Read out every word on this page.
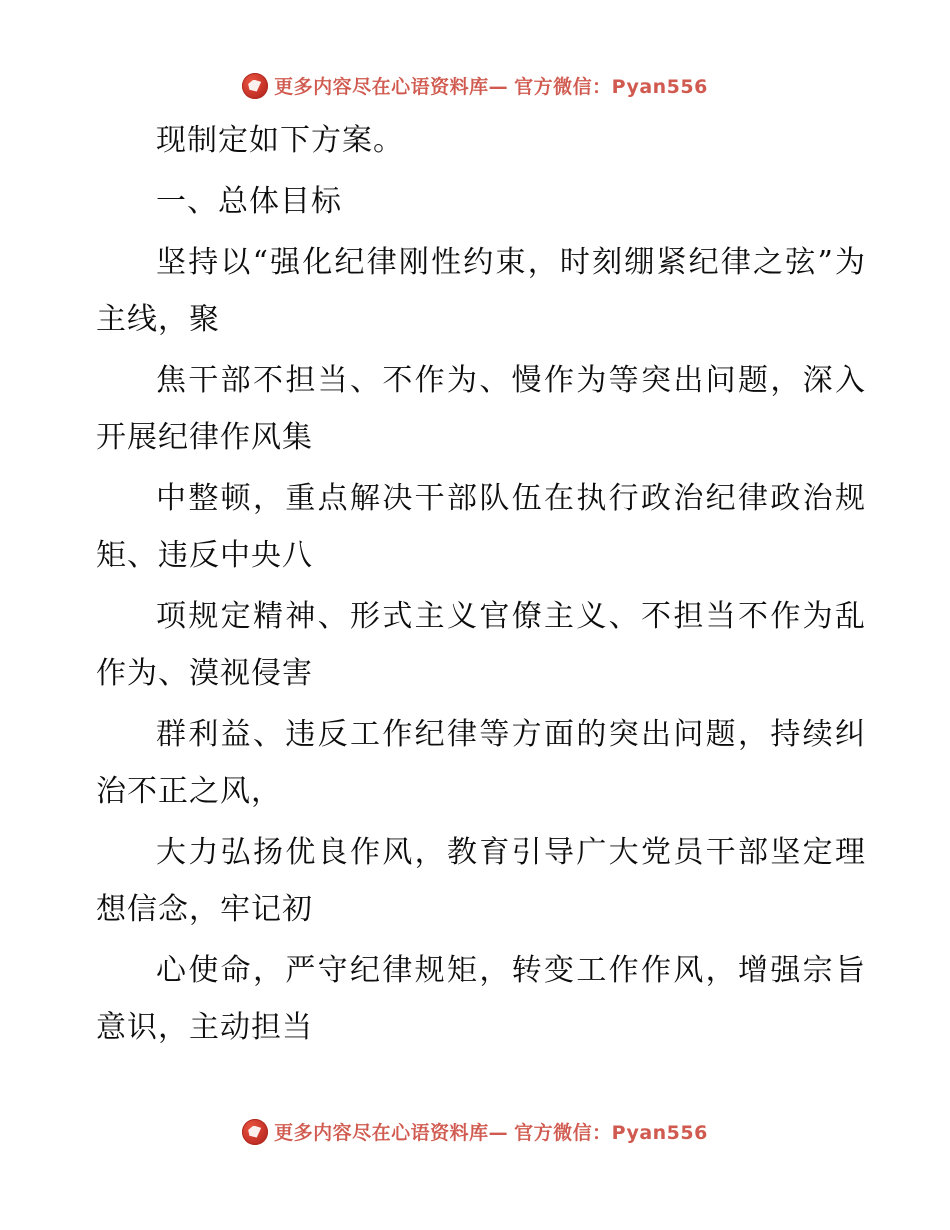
更多内容尽在心语资料库— 官方微信：Pyan556

现制定如下方案。

一、总体目标

坚持以“强化纪律刚性约束，时刻绷紧纪律之弦”为主线，聚

焦干部不担当、不作为、慢作为等突出问题，深入开展纪律作风集

中整顿，重点解决干部队伍在执行政治纪律政治规矩、违反中央八

项规定精神、形式主义官僚主义、不担当不作为乱作为、漠视侵害

群利益、违反工作纪律等方面的突出问题，持续纠治不正之风，

大力弘扬优良作风，教育引导广大党员干部坚定理想信念，牢记初

心使命，严守纪律规矩，转变工作作风，增强宗旨意识，主动担当

更多内容尽在心语资料库— 官方微信：Pyan556
